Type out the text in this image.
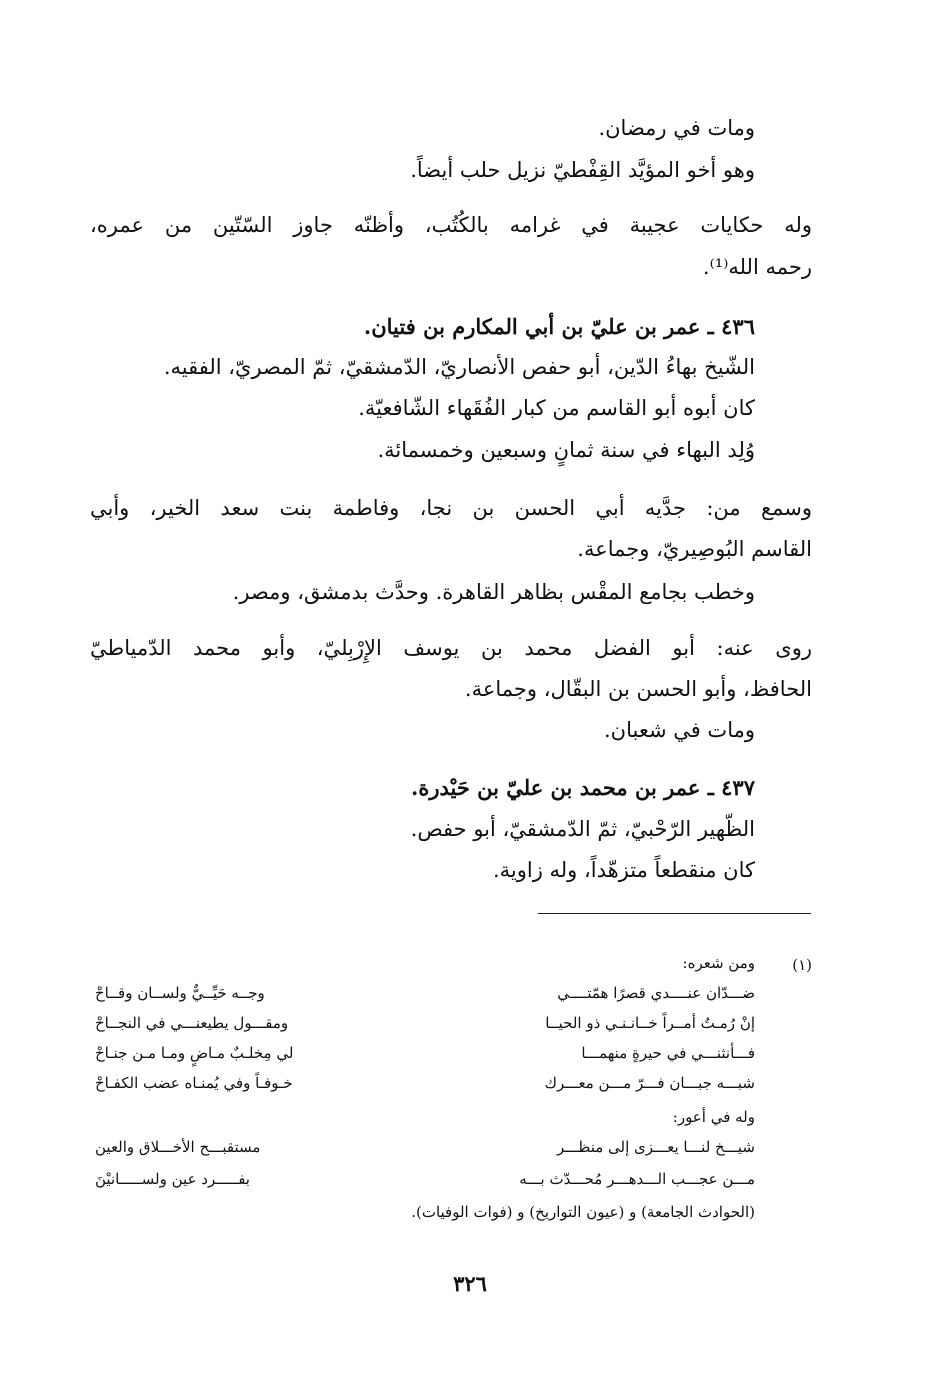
ومات في رمضان.
وهو أخو المؤيَّد القِفْطيّ نزيل حلب أيضاً.
وله حكايات عجيبة في غرامه بالكُتُب، وأظنّه جاوز السّتّين من عمره،
رحمه الله⁽¹⁾.
٤٣٦ ـ عمر بن عليّ بن أبي المكارم بن فتيان.
الشّيخ بهاءُ الدّين، أبو حفص الأنصاريّ، الدّمشقيّ، ثمّ المصريّ، الفقيه.
كان أبوه أبو القاسم من كبار الفُقَهاء الشّافعيّة.
وُلِد البهاء في سنة ثمانٍ وسبعين وخمسمائة.
وسمع من: جدَّيه أبي الحسن بن نجا، وفاطمة بنت سعد الخير، وأبي
القاسم البُوصِيريّ، وجماعة.
وخطب بجامع المقْس بظاهر القاهرة. وحدَّث بدمشق، ومصر.
روى عنه: أبو الفضل محمد بن يوسف الإِرْبِليّ، وأبو محمد الدّمياطيّ
الحافظ، وأبو الحسن بن البقّال، وجماعة.
ومات في شعبان.
٤٣٧ ـ عمر بن محمد بن عليّ بن حَيْدرة.
الظّهير الرّحْبيّ، ثمّ الدّمشقيّ، أبو حفص.
كان منقطعاً متزهّداً، وله زاوية.
(١)
ومن شعره:
ضـــدّان عنــــدي قصرًا همّتــــي
وجــه حَيِّــيٌّ ولســان وقــاحْ
إنْ رُمـتُ أمــراً خــانـنـي ذو الحيــا
ومقـــول يطيعنـــي في النجــاحْ
فـــأنثنـــي في حيرةٍ منهمـــا
لي مِخلـبٌ مـاضٍ ومـا مـن جنـاحْ
شبـــه جبـــان فـــرّ مـــن معـــرك
خـوفـاً وفي يُمنـاه عضب الكفـاحْ
وله في أعور:
شيـــخ لنـــا يعـــزى إلى منظـــر
مستقبـــح الأخـــلاق والعين
مـــن عجـــب الـــدهـــر مُحـــدّث بـــه
بفـــــرد عين ولســـــانيْنَ
(الحوادث الجامعة) و (عيون التواريخ) و (فوات الوفيات).
٣٢٦
